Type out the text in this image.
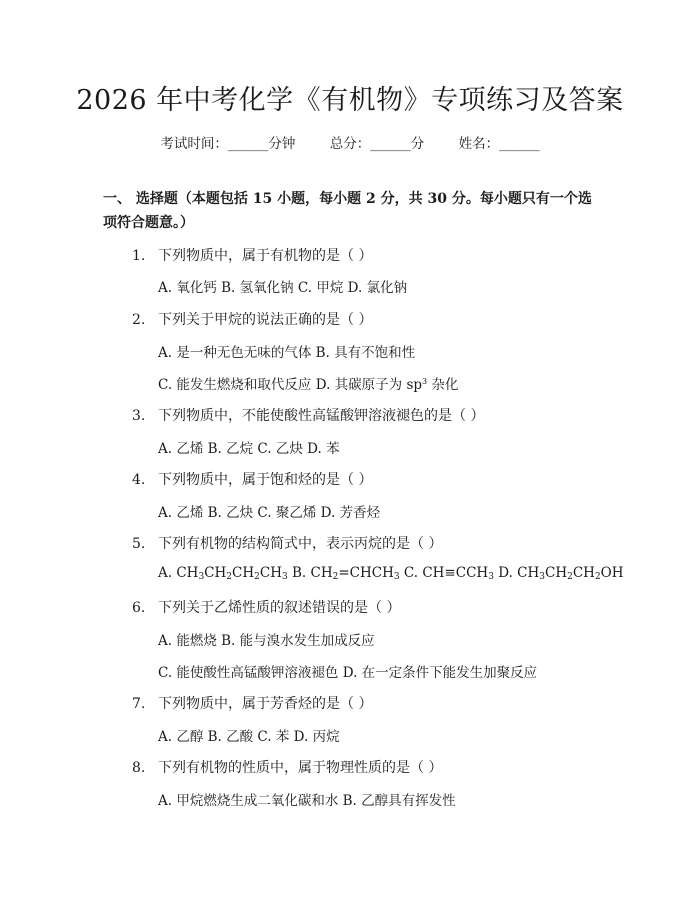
2026 年中考化学《有机物》专项练习及答案
考试时间：______分钟	总分：______分	姓名：______
一、 选择题（本题包括 15 小题，每小题 2 分，共 30 分。每小题只有一个选项符合题意。）
1. 下列物质中，属于有机物的是（ ）
A. 氧化钙 B. 氢氧化钠 C. 甲烷 D. 氯化钠
2. 下列关于甲烷的说法正确的是（ ）
A. 是一种无色无味的气体 B. 具有不饱和性
C. 能发生燃烧和取代反应 D. 其碳原子为 $sp^3$ 杂化
3. 下列物质中，不能使酸性高锰酸钾溶液褪色的是（ ）
A. 乙烯 B. 乙烷 C. 乙炔 D. 苯
4. 下列物质中，属于饱和烃的是（ ）
A. 乙烯 B. 乙炔 C. 聚乙烯 D. 芳香烃
5. 下列有机物的结构简式中，表示丙烷的是（ ）
A. $CH_3CH_2CH_2CH_3$ B. $CH_2=CHCH_3$ C. $CH\equiv CCH_3$ D. $CH_3CH_2CH_2OH$
6. 下列关于乙烯性质的叙述错误的是（ ）
A. 能燃烧 B. 能与溴水发生加成反应
C. 能使酸性高锰酸钾溶液褪色 D. 在一定条件下能发生加聚反应
7. 下列物质中，属于芳香烃的是（ ）
A. 乙醇 B. 乙酸 C. 苯 D. 丙烷
8. 下列有机物的性质中，属于物理性质的是（ ）
A. 甲烷燃烧生成二氧化碳和水 B. 乙醇具有挥发性
